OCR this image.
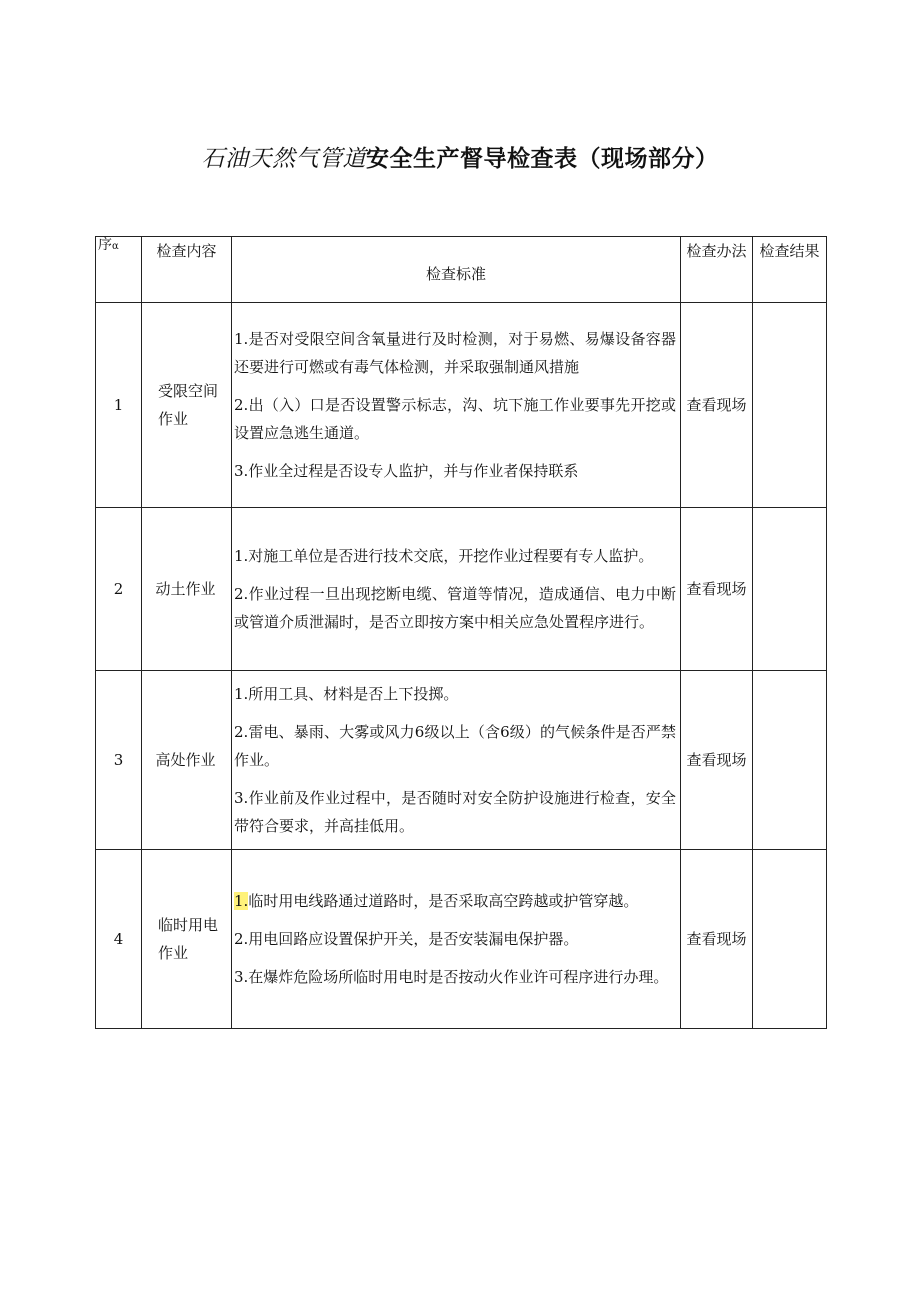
石油天然气管道安全生产督导检查表（现场部分）
序α	检查内容	检查标准	检查办法	检查结果
1	受限空间作业	1.是否对受限空间含氧量进行及时检测，对于易燃、易爆设备容器还要进行可燃或有毒气体检测，并采取强制通风措施

2.出（入）口是否设置警示标志，沟、坑下施工作业要事先开挖或设置应急逃生通道。

3.作业全过程是否设专人监护，并与作业者保持联系	查看现场	
2	动土作业	1.对施工单位是否进行技术交底，开挖作业过程要有专人监护。

2.作业过程一旦出现挖断电缆、管道等情况，造成通信、电力中断或管道介质泄漏时，是否立即按方案中相关应急处置程序进行。	查看现场	
3	高处作业	1.所用工具、材料是否上下投掷。

2.雷电、暴雨、大雾或风力6级以上（含6级）的气候条件是否严禁作业。

3.作业前及作业过程中，是否随时对安全防护设施进行检查，安全带符合要求，并高挂低用。	查看现场	
4	临时用电作业	1.临时用电线路通过道路时，是否采取高空跨越或护管穿越。

2.用电回路应设置保护开关，是否安装漏电保护器。

3.在爆炸危险场所临时用电时是否按动火作业许可程序进行办理。	查看现场	
